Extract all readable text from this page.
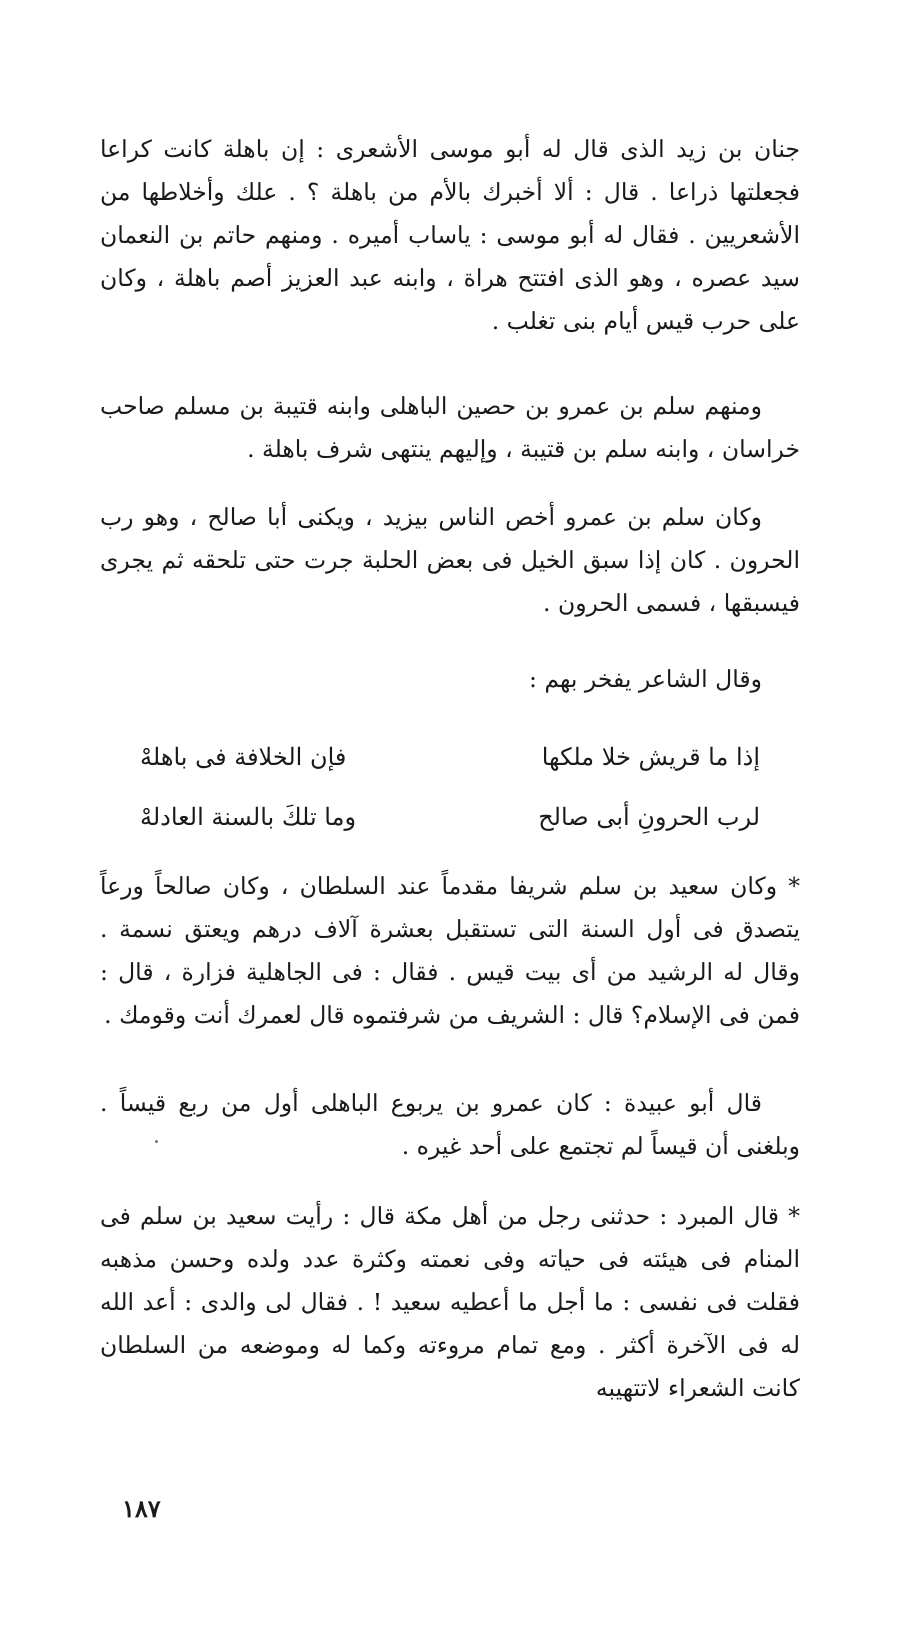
جنان بن زيد الذى قال له أبو موسى الأشعرى : إن باهلة كانت كراعا فجعلتها ذراعا . قال : ألا أخبرك بالأم من باهلة ؟ . علك وأخلاطها من الأشعريين . فقال له أبو موسى : ياساب أميره . ومنهم حاتم بن النعمان سيد عصره ، وهو الذى افتتح هراة ، وابنه عبد العزيز أصم باهلة ، وكان على حرب قيس أيام بنى تغلب .

ومنهم سلم بن عمرو بن حصين الباهلى وابنه قتيبة بن مسلم صاحب خراسان ، وابنه سلم بن قتيبة ، وإليهم ينتهى شرف باهلة .

وكان سلم بن عمرو أخص الناس بيزيد ، ويكنى أبا صالح ، وهو رب الحرون . كان إذا سبق الخيل فى بعض الحلبة جرت حتى تلحقه ثم يجرى فيسبقها ، فسمى الحرون .

وقال الشاعر يفخر بهم :

إذا ما قريش خلا ملكها
فإن الخلافة فى باهلهْ
لرب الحرونِ أبى صالح
وما تلكَ بالسنة العادلهْ

* وكان سعيد بن سلم شريفا مقدماً عند السلطان ، وكان صالحاً ورعاً يتصدق فى أول السنة التى تستقبل بعشرة آلاف درهم ويعتق نسمة . وقال له الرشيد من أى بيت قيس . فقال : فى الجاهلية فزارة ، قال : فمن فى الإسلام؟ قال : الشريف من شرفتموه قال لعمرك أنت وقومك .

قال أبو عبيدة : كان عمرو بن يربوع الباهلى أول من ربع قيساً . وبلغنى أن قيساً لم تجتمع على أحد غيره .

* قال المبرد : حدثنى رجل من أهل مكة قال : رأيت سعيد بن سلم فى المنام فى هيئته فى حياته وفى نعمته وكثرة عدد ولده وحسن مذهبه فقلت فى نفسى : ما أجل ما أعطيه سعيد ! . فقال لى والدى : أعد الله له فى الآخرة أكثر . ومع تمام مروءته وكما له وموضعه من السلطان كانت الشعراء لاتتهيبه

١٨٧
